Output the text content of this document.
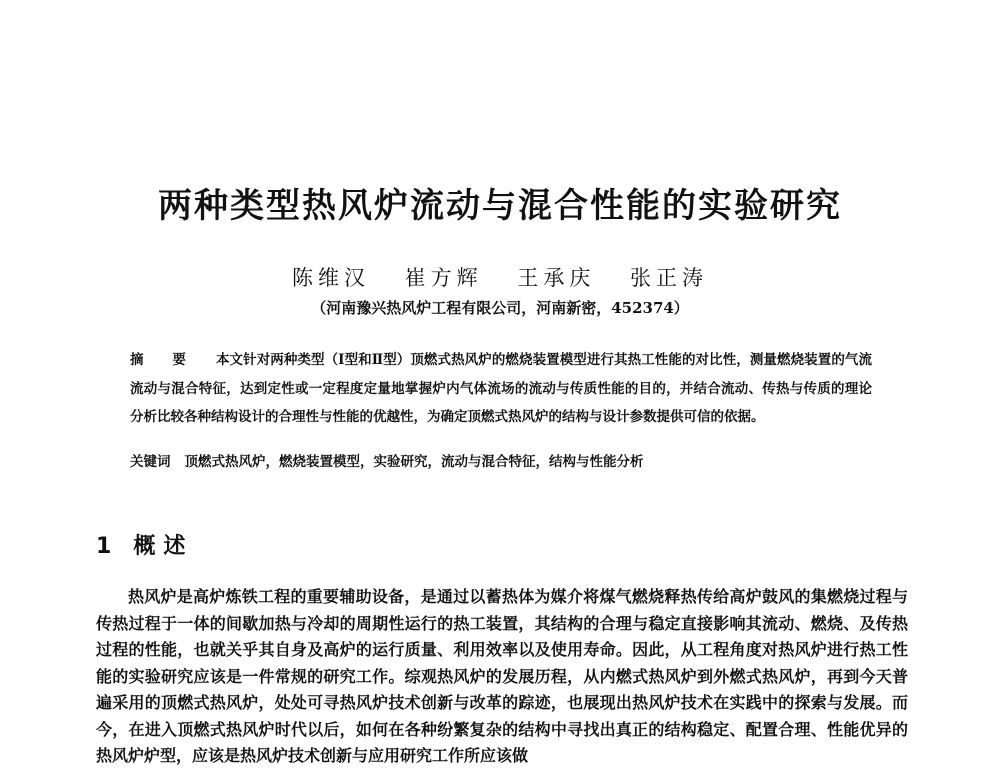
两种类型热风炉流动与混合性能的实验研究
陈维汉 崔方辉 王承庆 张正涛
（河南豫兴热风炉工程有限公司，河南新密，452374）
摘 要 本文针对两种类型（Ⅰ型和Ⅱ型）顶燃式热风炉的燃烧装置模型进行其热工性能的对比性，测量燃烧装置的气流流动与混合特征，达到定性或一定程度定量地掌握炉内气体流场的流动与传质性能的目的，并结合流动、传热与传质的理论分析比较各种结构设计的合理性与性能的优越性，为确定顶燃式热风炉的结构与设计参数提供可信的依据。
关键词 顶燃式热风炉，燃烧装置模型，实验研究，流动与混合特征，结构与性能分析
1 概述
热风炉是高炉炼铁工程的重要辅助设备，是通过以蓄热体为媒介将煤气燃烧释热传给高炉鼓风的集燃烧过程与传热过程于一体的间歇加热与冷却的周期性运行的热工装置，其结构的合理与稳定直接影响其流动、燃烧、及传热过程的性能，也就关乎其自身及高炉的运行质量、利用效率以及使用寿命。因此，从工程角度对热风炉进行热工性能的实验研究应该是一件常规的研究工作。综观热风炉的发展历程，从内燃式热风炉到外燃式热风炉，再到今天普遍采用的顶燃式热风炉，处处可寻热风炉技术创新与改革的踪迹，也展现出热风炉技术在实践中的探索与发展。而今，在进入顶燃式热风炉时代以后，如何在各种纷繁复杂的结构中寻找出真正的结构稳定、配置合理、性能优异的热风炉炉型，应该是热风炉技术创新与应用研究工作所应该做
